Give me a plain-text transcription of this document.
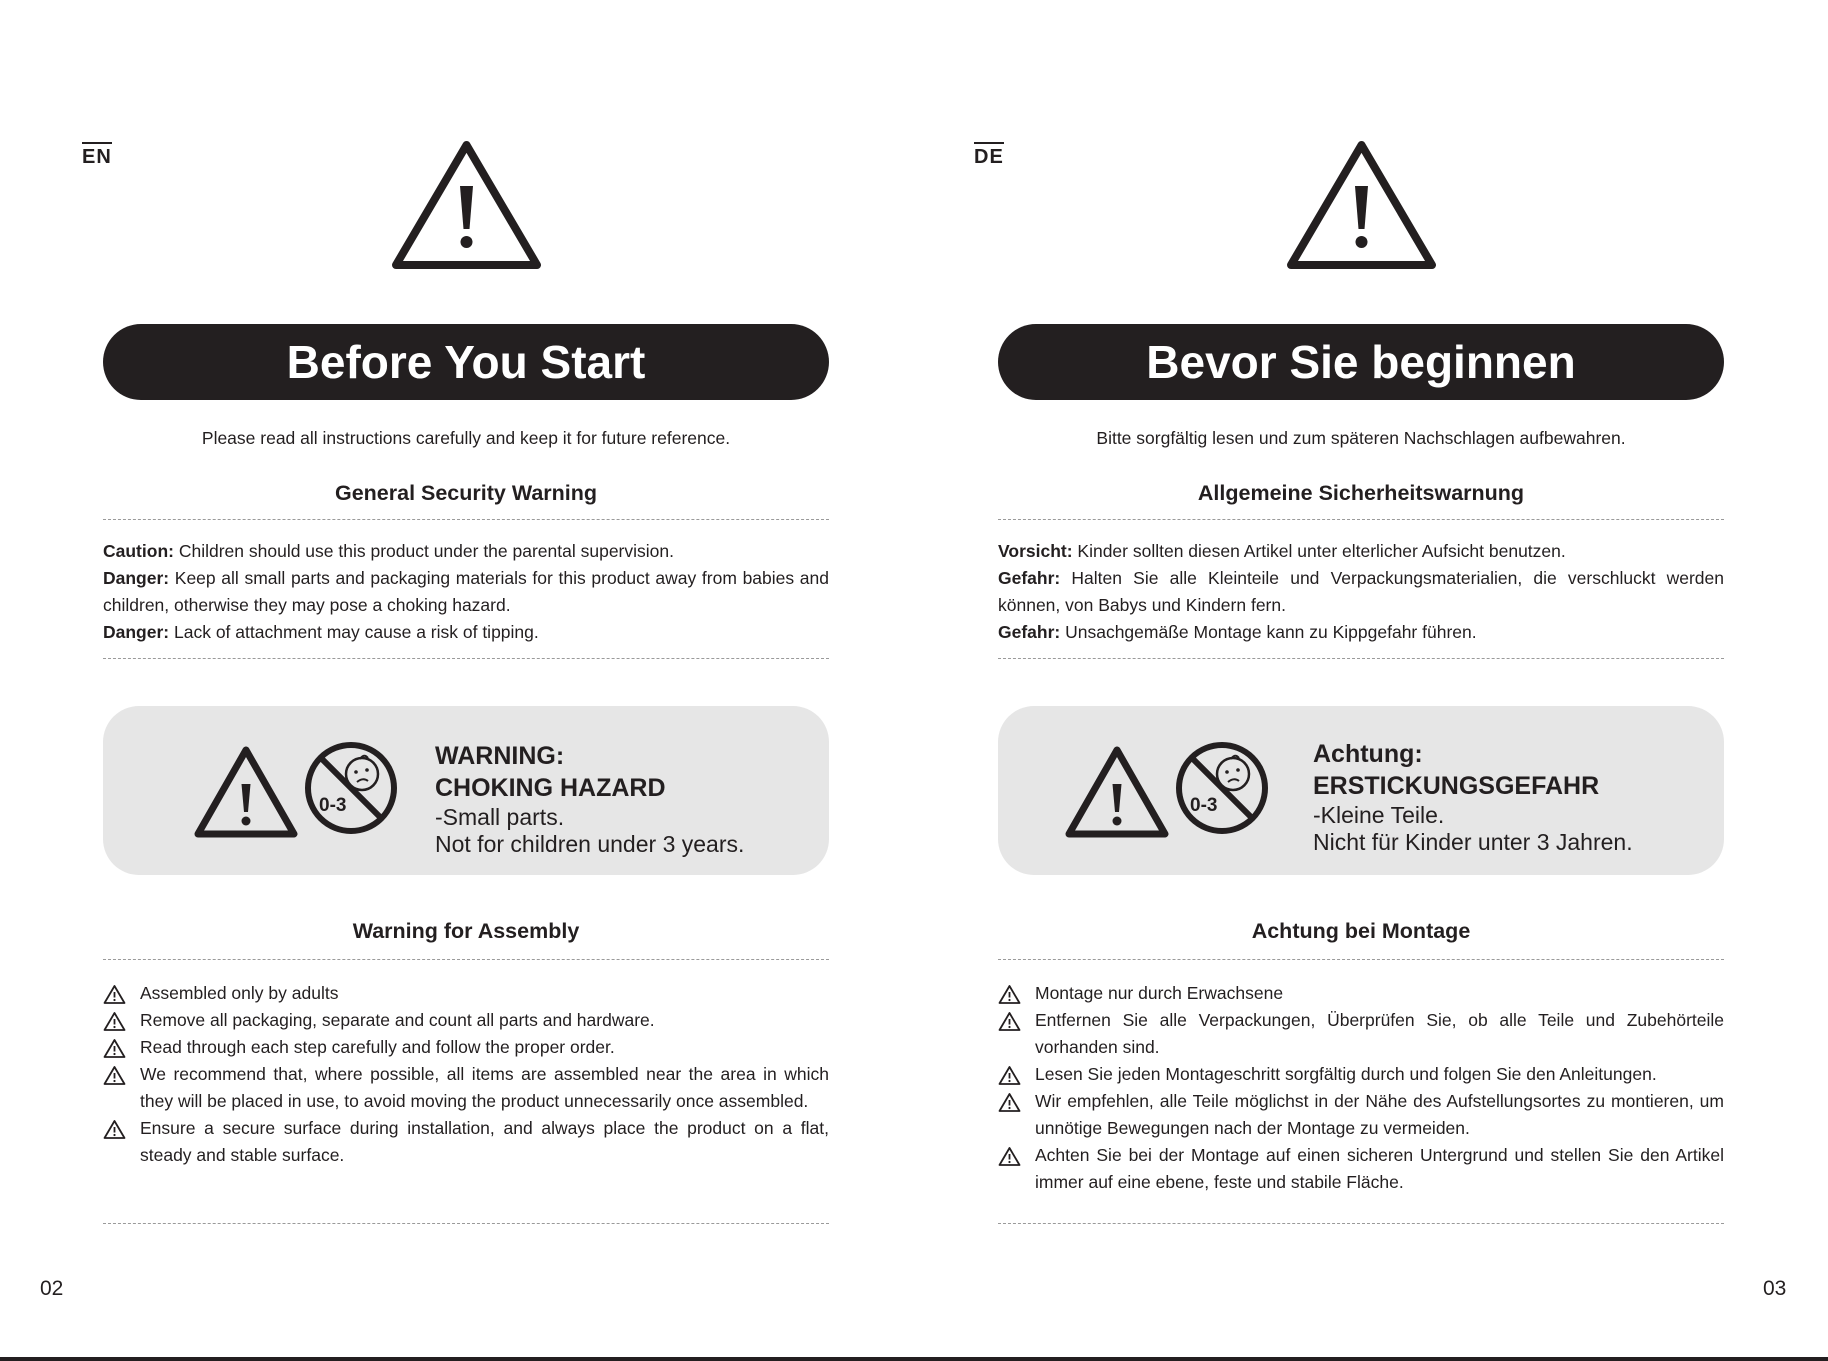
EN
Before You Start
Please read all instructions carefully and keep it for future reference.
General Security Warning

Caution: Children should use this product under the parental supervision.

Danger: Keep all small parts and packaging materials for this product away from babies and children, otherwise they may pose a choking hazard.

Danger: Lack of attachment may cause a risk of tipping.

0-3
WARNING:
CHOKING HAZARD
-Small parts.
Not for children under 3 years.
Warning for Assembly
Assembled only by adults
Remove all packaging, separate and count all parts and hardware.
Read through each step carefully and follow the proper order.
We recommend that, where possible, all items are assembled near the area in which they will be placed in use, to avoid moving the product unnecessarily once assembled.
Ensure a secure surface during installation, and always place the product on a flat, steady and stable surface.
02
DE
Bevor Sie beginnen
Bitte sorgfältig lesen und zum späteren Nachschlagen aufbewahren.
Allgemeine Sicherheitswarnung

Vorsicht: Kinder sollten diesen Artikel unter elterlicher Aufsicht benutzen.

Gefahr: Halten Sie alle Kleinteile und Verpackungsmaterialien, die verschluckt werden können, von Babys und Kindern fern.

Gefahr: Unsachgemäße Montage kann zu Kippgefahr führen.

0-3
Achtung:
ERSTICKUNGSGEFAHR
-Kleine Teile.
Nicht für Kinder unter 3 Jahren.
Achtung bei Montage
Montage nur durch Erwachsene
Entfernen Sie alle Verpackungen, Überprüfen Sie, ob alle Teile und Zubehörteile vorhanden sind.
Lesen Sie jeden Montageschritt sorgfältig durch und folgen Sie den Anleitungen.
Wir empfehlen, alle Teile möglichst in der Nähe des Aufstellungsortes zu montieren, um unnötige Bewegungen nach der Montage zu vermeiden.
Achten Sie bei der Montage auf einen sicheren Untergrund und stellen Sie den Artikel immer auf eine ebene, feste und stabile Fläche.
03
